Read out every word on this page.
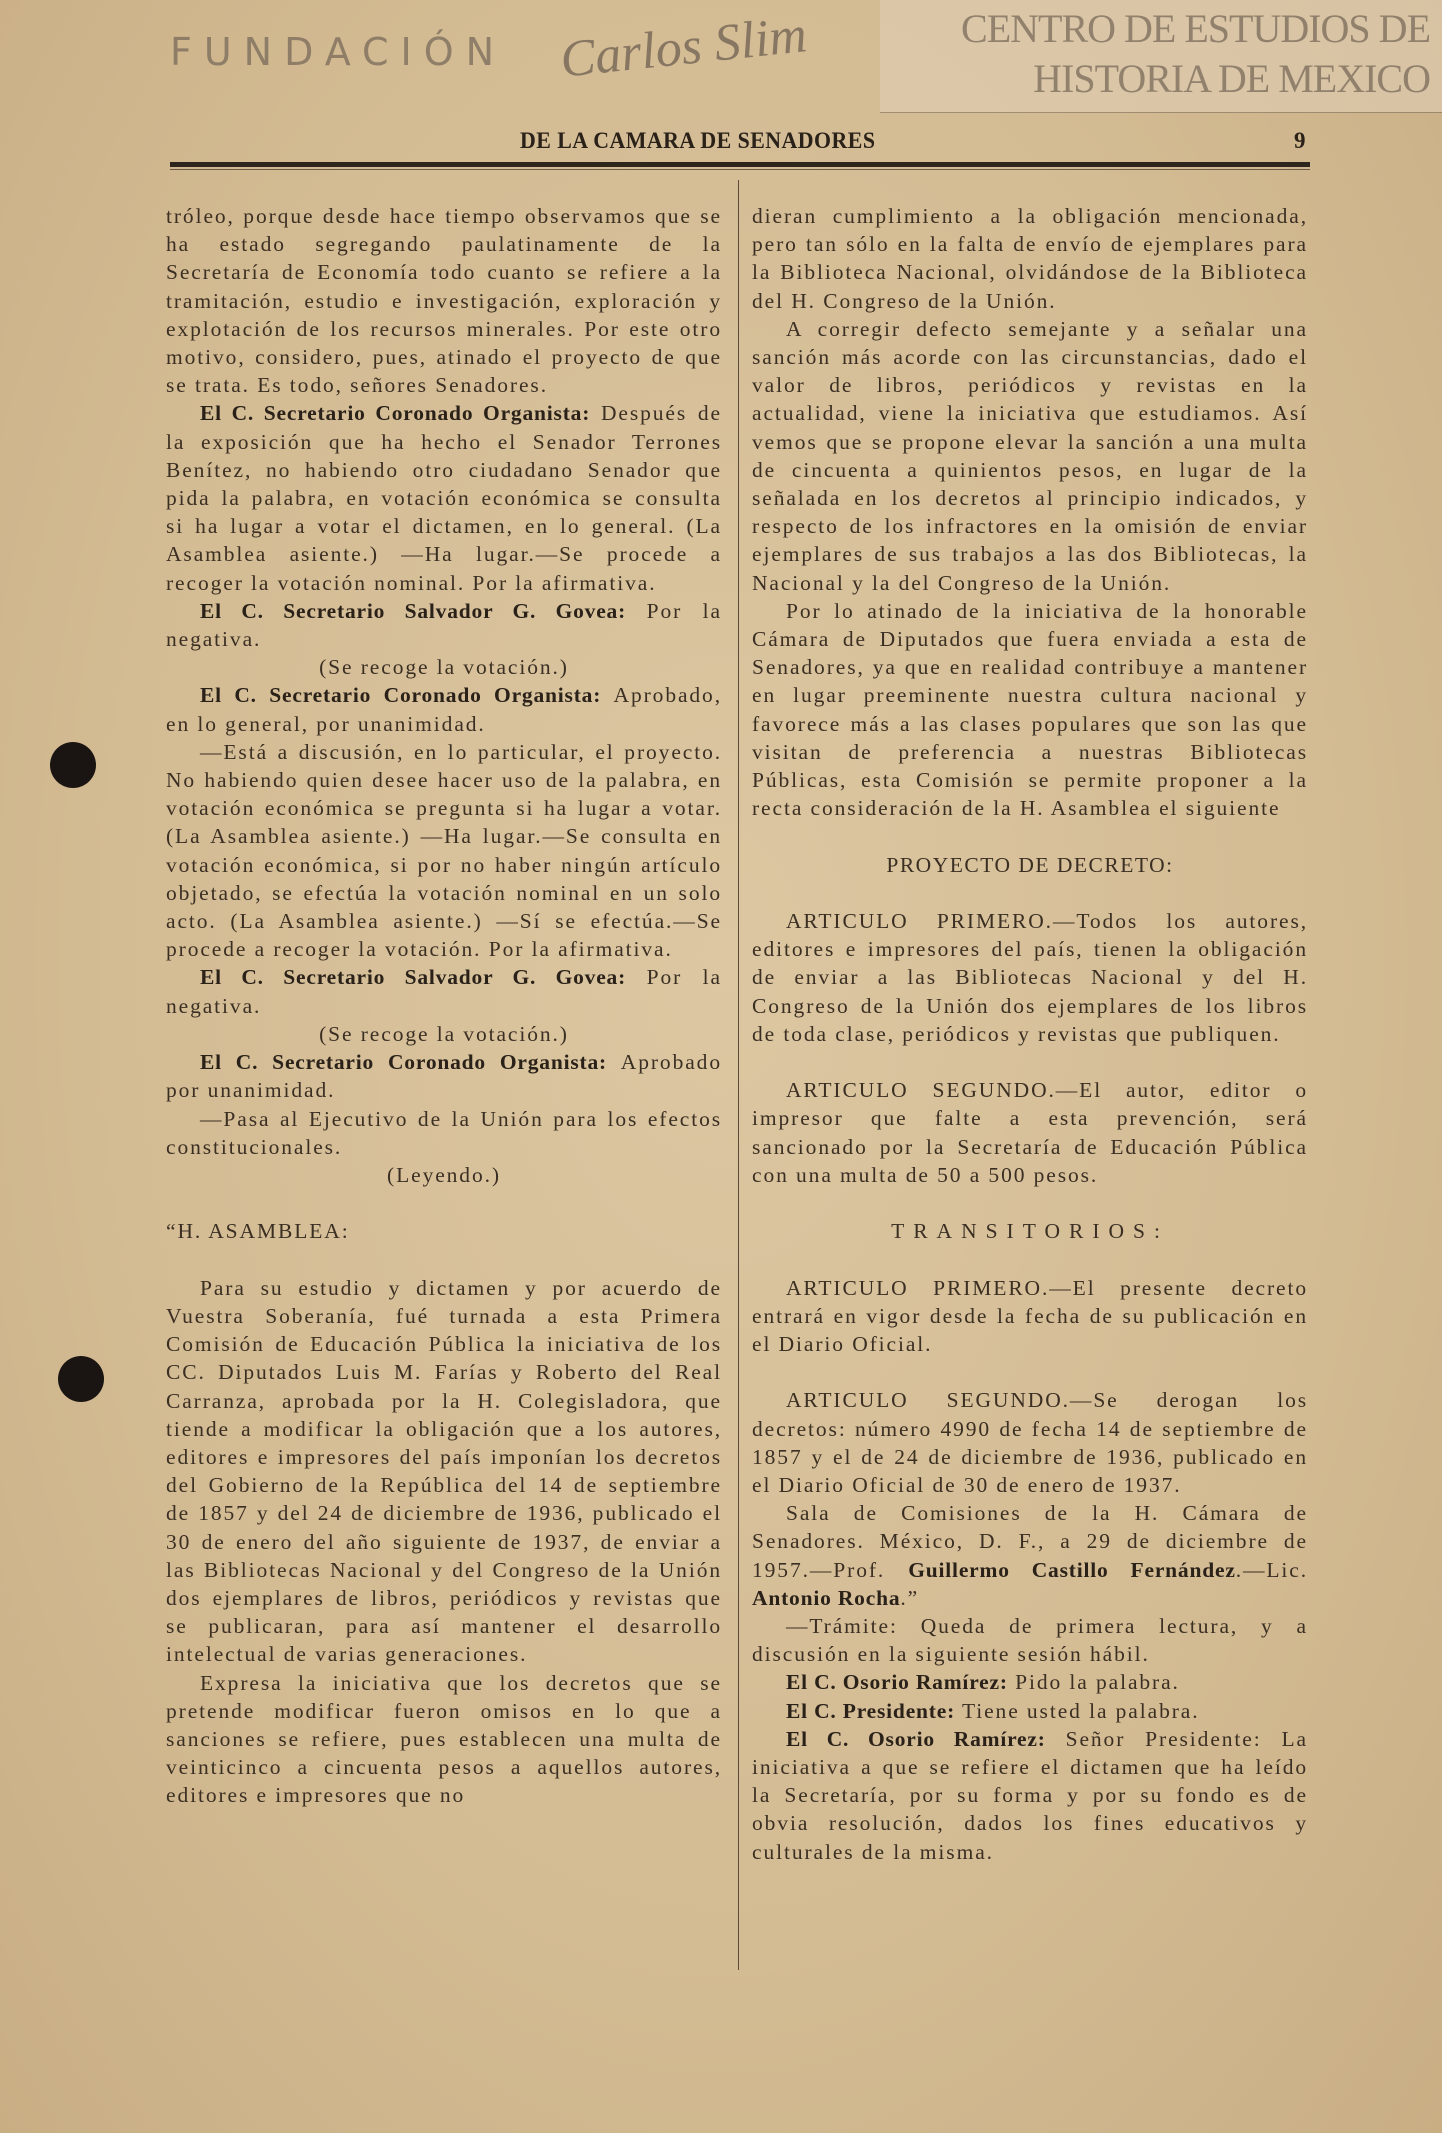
CENTRO DE ESTUDIOS DE HISTORIA DE MEXICO
FUNDACIÓN Carlos Slim
DE LA CAMARA DE SENADORES	9

tróleo, porque desde hace tiempo observamos que se ha estado segregando paulatinamente de la Secretaría de Economía todo cuanto se refiere a la tramitación, estudio e investigación, exploración y explotación de los recursos minerales. Por este otro motivo, considero, pues, atinado el proyecto de que se trata. Es todo, señores Senadores.

El C. Secretario Coronado Organista: Después de la exposición que ha hecho el Senador Terrones Benítez, no habiendo otro ciudadano Senador que pida la palabra, en votación económica se consulta si ha lugar a votar el dictamen, en lo general. (La Asamblea asiente.) —Ha lugar.—Se procede a recoger la votación nominal. Por la afirmativa.

El C. Secretario Salvador G. Govea: Por la negativa.

(Se recoge la votación.)

El C. Secretario Coronado Organista: Aprobado, en lo general, por unanimidad.

—Está a discusión, en lo particular, el proyecto. No habiendo quien desee hacer uso de la palabra, en votación económica se pregunta si ha lugar a votar. (La Asamblea asiente.) —Ha lugar.—Se consulta en votación económica, si por no haber ningún artículo objetado, se efectúa la votación nominal en un solo acto. (La Asamblea asiente.) —Sí se efectúa.—Se procede a recoger la votación. Por la afirmativa.

El C. Secretario Salvador G. Govea: Por la negativa.

(Se recoge la votación.)

El C. Secretario Coronado Organista: Aprobado por unanimidad.

—Pasa al Ejecutivo de la Unión para los efectos constitucionales.

(Leyendo.)

“H. ASAMBLEA:

Para su estudio y dictamen y por acuerdo de Vuestra Soberanía, fué turnada a esta Primera Comisión de Educación Pública la iniciativa de los CC. Diputados Luis M. Farías y Roberto del Real Carranza, aprobada por la H. Colegisladora, que tiende a modificar la obligación que a los autores, editores e impresores del país imponían los decretos del Gobierno de la República del 14 de septiembre de 1857 y del 24 de diciembre de 1936, publicado el 30 de enero del año siguiente de 1937, de enviar a las Bibliotecas Nacional y del Congreso de la Unión dos ejemplares de libros, periódicos y revistas que se publicaran, para así mantener el desarrollo intelectual de varias generaciones.

Expresa la iniciativa que los decretos que se pretende modificar fueron omisos en lo que a sanciones se refiere, pues establecen una multa de veinticinco a cincuenta pesos a aquellos autores, editores e impresores que no

dieran cumplimiento a la obligación mencionada, pero tan sólo en la falta de envío de ejemplares para la Biblioteca Nacional, olvidándose de la Biblioteca del H. Congreso de la Unión.

A corregir defecto semejante y a señalar una sanción más acorde con las circunstancias, dado el valor de libros, periódicos y revistas en la actualidad, viene la iniciativa que estudiamos. Así vemos que se propone elevar la sanción a una multa de cincuenta a quinientos pesos, en lugar de la señalada en los decretos al principio indicados, y respecto de los infractores en la omisión de enviar ejemplares de sus trabajos a las dos Bibliotecas, la Nacional y la del Congreso de la Unión.

Por lo atinado de la iniciativa de la honorable Cámara de Diputados que fuera enviada a esta de Senadores, ya que en realidad contribuye a mantener en lugar preeminente nuestra cultura nacional y favorece más a las clases populares que son las que visitan de preferencia a nuestras Bibliotecas Públicas, esta Comisión se permite proponer a la recta consideración de la H. Asamblea el siguiente

PROYECTO DE DECRETO:

ARTICULO PRIMERO.—Todos los autores, editores e impresores del país, tienen la obligación de enviar a las Bibliotecas Nacional y del H. Congreso de la Unión dos ejemplares de los libros de toda clase, periódicos y revistas que publiquen.

ARTICULO SEGUNDO.—El autor, editor o impresor que falte a esta prevención, será sancionado por la Secretaría de Educación Pública con una multa de 50 a 500 pesos.

TRANSITORIOS:

ARTICULO PRIMERO.—El presente decreto entrará en vigor desde la fecha de su publicación en el Diario Oficial.

ARTICULO SEGUNDO.—Se derogan los decretos: número 4990 de fecha 14 de septiembre de 1857 y el de 24 de diciembre de 1936, publicado en el Diario Oficial de 30 de enero de 1937.

Sala de Comisiones de la H. Cámara de Senadores. México, D. F., a 29 de diciembre de 1957.—Prof. Guillermo Castillo Fernández.—Lic. Antonio Rocha.”

—Trámite: Queda de primera lectura, y a discusión en la siguiente sesión hábil.

El C. Osorio Ramírez: Pido la palabra.

El C. Presidente: Tiene usted la palabra.

El C. Osorio Ramírez: Señor Presidente: La iniciativa a que se refiere el dictamen que ha leído la Secretaría, por su forma y por su fondo es de obvia resolución, dados los fines educativos y culturales de la misma.
